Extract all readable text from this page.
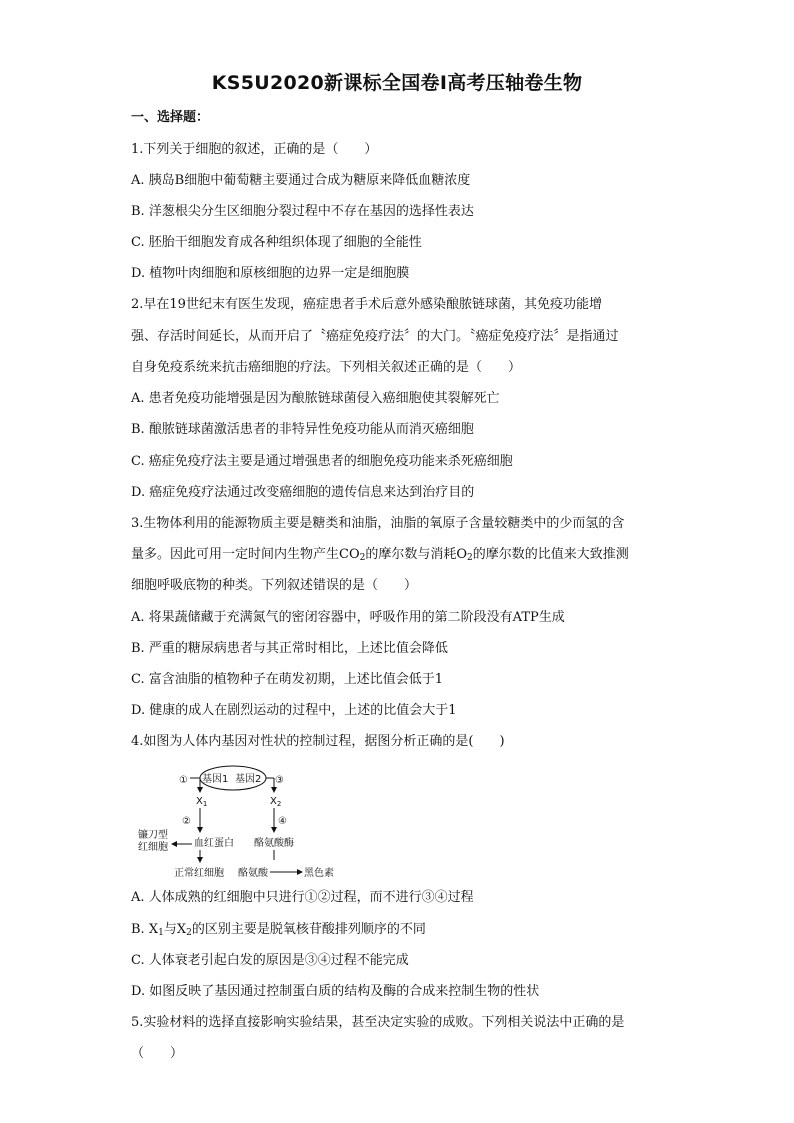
KS5U2020新课标全国卷Ⅰ高考压轴卷生物
一、选择题：
1.下列关于细胞的叙述，正确的是（　　）
A. 胰岛B细胞中葡萄糖主要通过合成为糖原来降低血糖浓度
B. 洋葱根尖分生区细胞分裂过程中不存在基因的选择性表达
C. 胚胎干细胞发育成各种组织体现了细胞的全能性
D. 植物叶肉细胞和原核细胞的边界一定是细胞膜
2.早在19世纪末有医生发现，癌症患者手术后意外感染酿脓链球菌，其免疫功能增
强、存活时间延长，从而开启了〝癌症免疫疗法〞的大门。〝癌症免疫疗法〞是指通过
自身免疫系统来抗击癌细胞的疗法。下列相关叙述正确的是（　　）
A. 患者免疫功能增强是因为酿脓链球菌侵入癌细胞使其裂解死亡
B. 酿脓链球菌激活患者的非特异性免疫功能从而消灭癌细胞
C. 癌症免疫疗法主要是通过增强患者的细胞免疫功能来杀死癌细胞
D. 癌症免疫疗法通过改变癌细胞的遗传信息来达到治疗目的
3.生物体利用的能源物质主要是糖类和油脂，油脂的氧原子含量较糖类中的少而氢的含
量多。因此可用一定时间内生物产生$CO_2$的摩尔数与消耗$O_2$的摩尔数的比值来大致推测
细胞呼吸底物的种类。下列叙述错误的是（　　）
A. 将果蔬储藏于充满氮气的密闭容器中，呼吸作用的第二阶段没有ATP生成
B. 严重的糖尿病患者与其正常时相比，上述比值会降低
C. 富含油脂的植物种子在萌发初期，上述比值会低于1
D. 健康的成人在剧烈运动的过程中，上述的比值会大于1
4.如图为人体内基因对性状的控制过程，据图分析正确的是(　　)
① 基因1 基因2 ③
$X_1$	$X_2$
②	④
镰刀型
红细胞	血红蛋白 酪氨酸酶
正常红细胞 酪氨酸	黑色素
A. 人体成熟的红细胞中只进行①②过程，而不进行③④过程
B. $X_1$与$X_2$的区别主要是脱氧核苷酸排列顺序的不同
C. 人体衰老引起白发的原因是③④过程不能完成
D. 如图反映了基因通过控制蛋白质的结构及酶的合成来控制生物的性状
5.实验材料的选择直接影响实验结果，甚至决定实验的成败。下列相关说法中正确的是
（　　）
